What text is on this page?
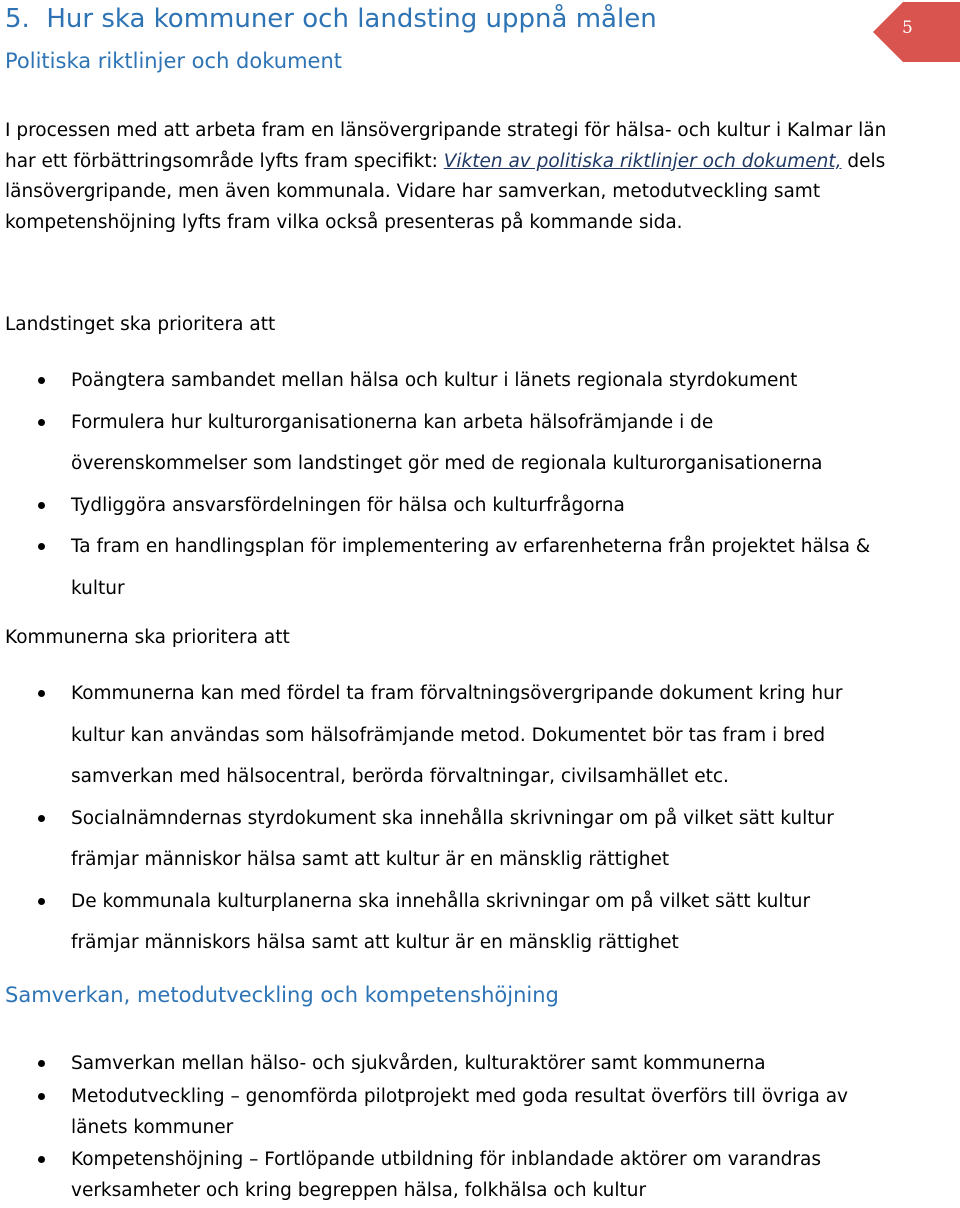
5.  Hur ska kommuner och landsting uppnå målen
Politiska riktlinjer och dokument
5
I processen med att arbeta fram en länsövergripande strategi för hälsa- och kultur i Kalmar län har ett förbättringsområde lyfts fram specifikt: Vikten av politiska riktlinjer och dokument, dels länsövergripande, men även kommunala. Vidare har samverkan, metodutveckling samt kompetenshöjning lyfts fram vilka också presenteras på kommande sida.
Landstinget ska prioritera att
Poängtera sambandet mellan hälsa och kultur i länets regionala styrdokument
Formulera hur kulturorganisationerna kan arbeta hälsofrämjande i de överenskommelser som landstinget gör med de regionala kulturorganisationerna
Tydliggöra ansvarsfördelningen för hälsa och kulturfrågorna
Ta fram en handlingsplan för implementering av erfarenheterna från projektet hälsa & kultur
Kommunerna ska prioritera att
Kommunerna kan med fördel ta fram förvaltningsövergripande dokument kring hur kultur kan användas som hälsofrämjande metod. Dokumentet bör tas fram i bred samverkan med hälsocentral, berörda förvaltningar, civilsamhället etc.
Socialnämndernas styrdokument ska innehålla skrivningar om på vilket sätt kultur främjar människor hälsa samt att kultur är en mänsklig rättighet
De kommunala kulturplanerna ska innehålla skrivningar om på vilket sätt kultur främjar människors hälsa samt att kultur är en mänsklig rättighet
Samverkan, metodutveckling och kompetenshöjning
Samverkan mellan hälso- och sjukvården, kulturaktörer samt kommunerna
Metodutveckling – genomförda pilotprojekt med goda resultat överförs till övriga av länets kommuner
Kompetenshöjning – Fortlöpande utbildning för inblandade aktörer om varandras verksamheter och kring begreppen hälsa, folkhälsa och kultur
